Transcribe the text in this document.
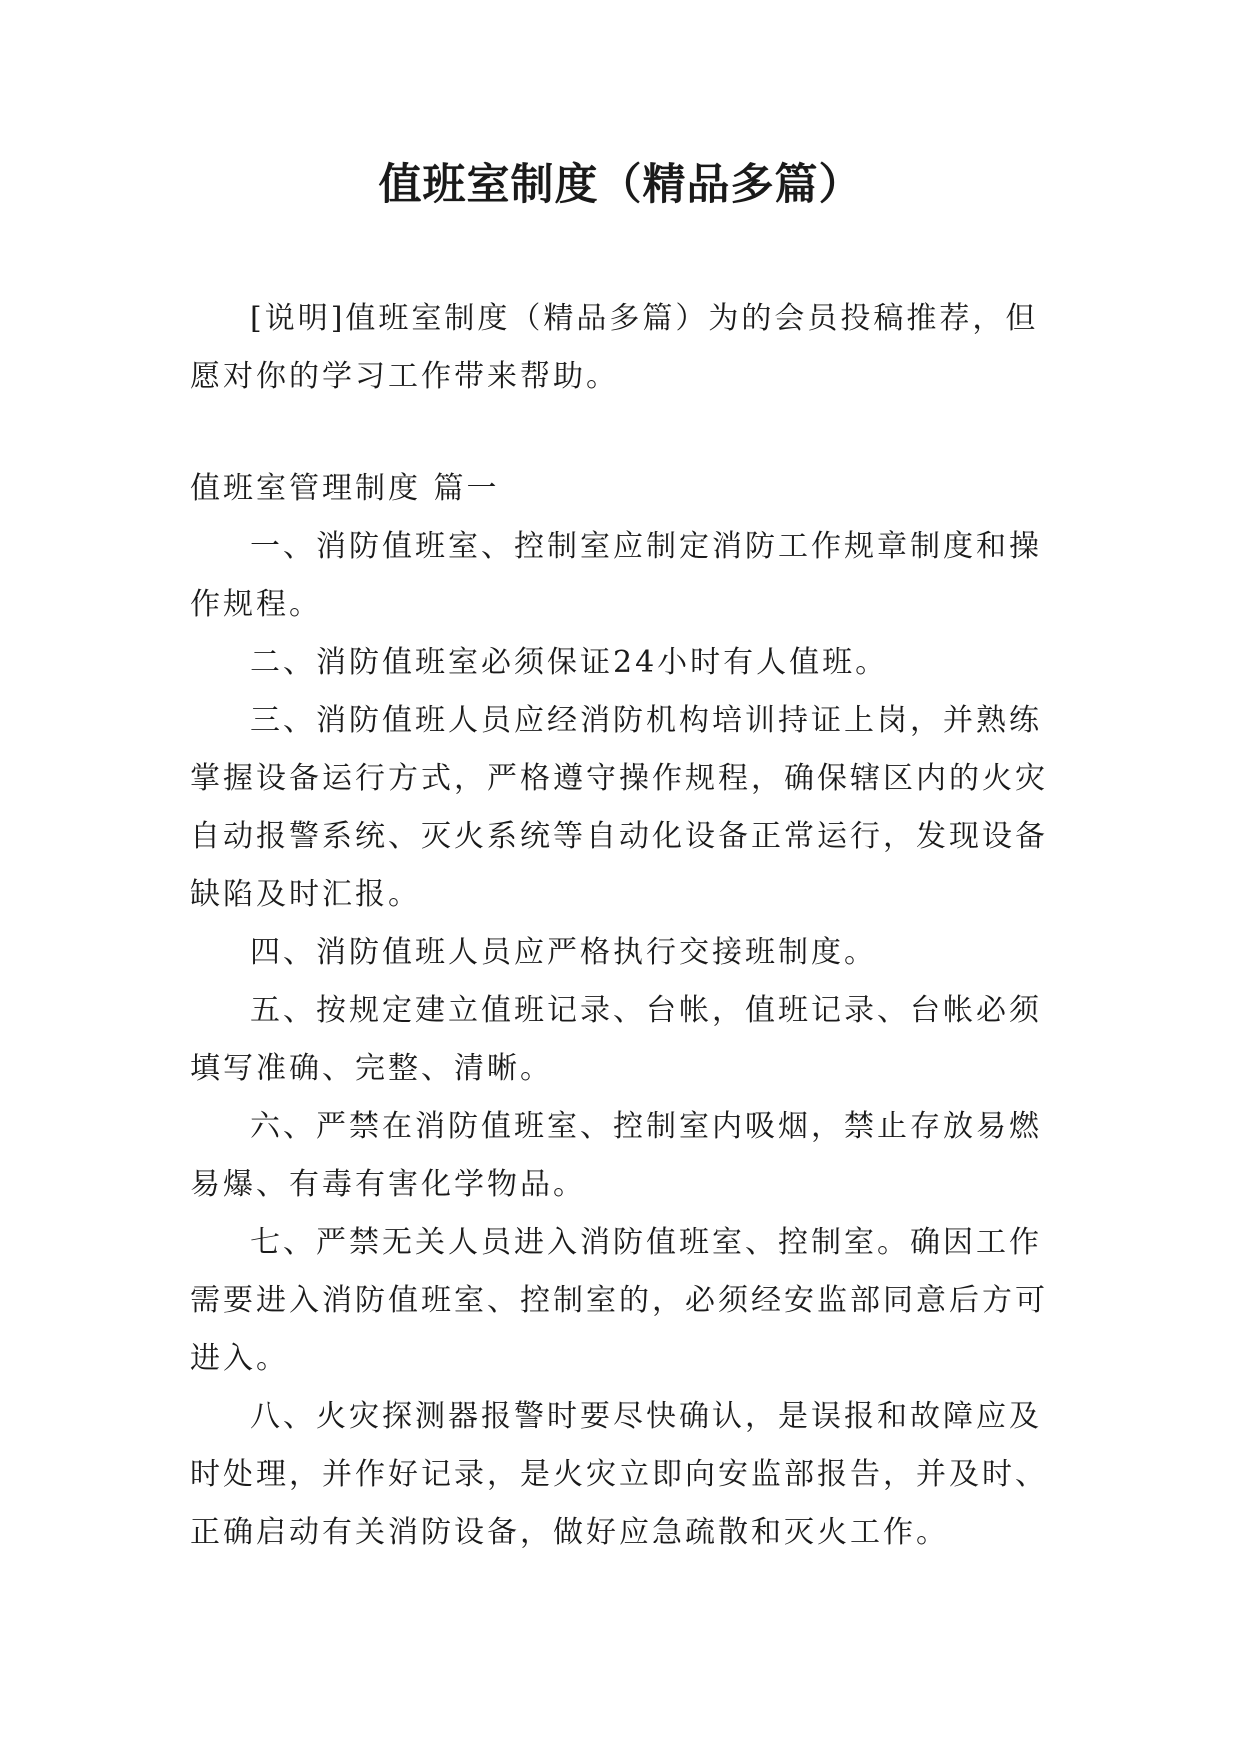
值班室制度（精品多篇）

[说明]值班室制度（精品多篇）为的会员投稿推荐，但愿对你的学习工作带来帮助。

值班室管理制度 篇一

一、消防值班室、控制室应制定消防工作规章制度和操作规程。

二、消防值班室必须保证24小时有人值班。

三、消防值班人员应经消防机构培训持证上岗，并熟练掌握设备运行方式，严格遵守操作规程，确保辖区内的火灾自动报警系统、灭火系统等自动化设备正常运行，发现设备缺陷及时汇报。

四、消防值班人员应严格执行交接班制度。

五、按规定建立值班记录、台帐，值班记录、台帐必须填写准确、完整、清晰。

六、严禁在消防值班室、控制室内吸烟，禁止存放易燃易爆、有毒有害化学物品。

七、严禁无关人员进入消防值班室、控制室。确因工作需要进入消防值班室、控制室的，必须经安监部同意后方可进入。

八、火灾探测器报警时要尽快确认，是误报和故障应及时处理，并作好记录，是火灾立即向安监部报告，并及时、正确启动有关消防设备，做好应急疏散和灭火工作。
